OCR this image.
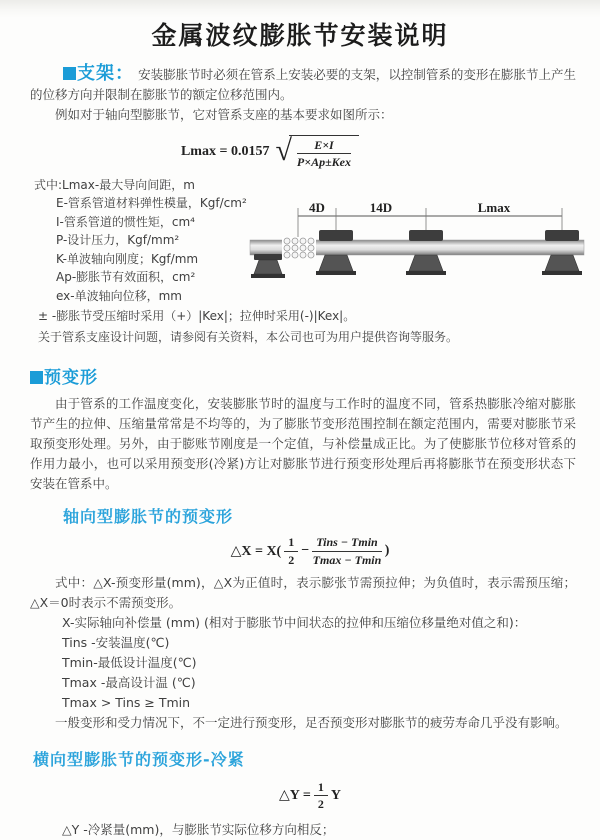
金属波纹膨胀节安装说明

支架： 安装膨胀节时必须在管系上安装必要的支架，以控制管系的变形在膨胀节上产生的位移方向并限制在膨胀节的额定位移范围内。

例如对于轴向型膨胀节，它对管系支座的基本要求如图所示：

Lmax = 0.0157 √ $\frac{E\times I}{\text{P×Ap±Kex}}$
式中:Lmax-最大导向间距，m
E-管系管道材料弹性模量，Kgf/cm²
I-管系管道的惯性矩，cm⁴
P-设计压力，Kgf/mm²
K-单波轴向刚度；Kgf/mm
Ap-膨胀节有效面积，cm²
ex-单波轴向位移，mm
4D	14D	Lmax

± -膨胀节受压缩时采用（+）|Kex|；拉伸时采用(-)|Kex|。

关于管系支座设计问题，请参阅有关资料，本公司也可为用户提供咨询等服务。

预变形

由于管系的工作温度变化，安装膨胀节时的温度与工作时的温度不同，管系热膨胀冷缩对膨胀节产生的拉伸、压缩量常常是不均等的，为了膨胀节变形范围控制在额定范围内，需要对膨胀节采取预变形处理。另外，由于膨账节刚度是一个定值，与补偿量成正比。为了使膨胀节位移对管系的作用力最小，也可以采用预变形(冷紧)方让对膨胀节进行预变形处理后再将膨胀节在预变形状态下安装在管系中。

轴向型膨胀节的预变形
△X = $X( \frac{1}{2} - \frac{\text{Tins − Tmin}}{Tmax - Tmin}$ )

式中：△X-预变形量(mm)，△X为正值时，表示膨张节需预拉伸；为负值时，表示需预压缩；△X＝0时表示不需预变形。

X-实际轴向补偿量 (mm) (相对于膨胀节中间状态的拉伸和压缩位移量绝对值之和)：
Tins -安装温度(℃)
Tmin-最低设计温度(℃)
Tmax -最高设计温 (℃)
Tmax > Tins ≥ Tmin

一般变形和受力情况下，不一定进行预变形，足否预变形对膨胀节的疲劳寿命几乎没有影响。

横向型膨胀节的预变形-冷紧
△Y = $\frac{1}{2}$ Y
△Y -冷紧量(mm)，与膨胀节实际位移方向相反；
